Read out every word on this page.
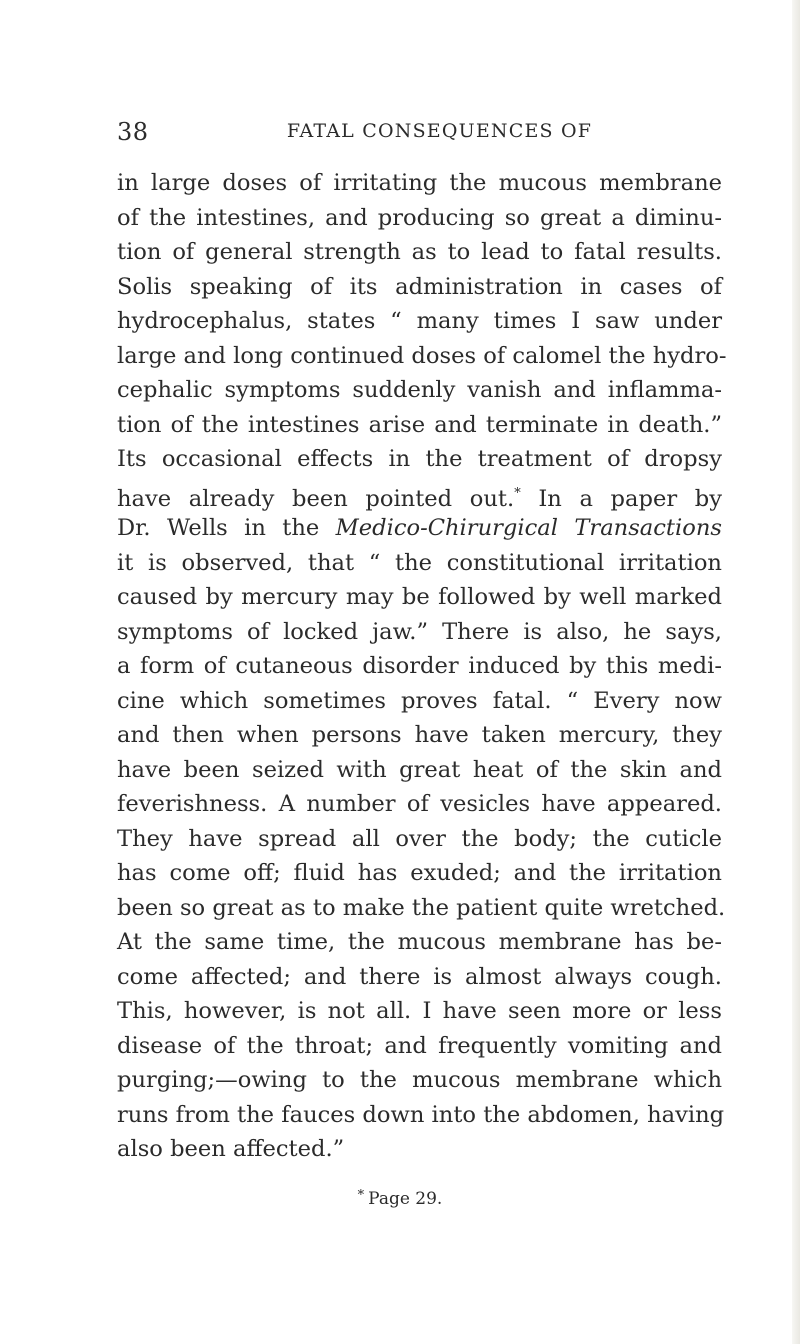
38	FATAL CONSEQUENCES OF
in large doses of irritating the mucous membrane
of the intestines, and producing so great a diminu-
tion of general strength as to lead to fatal results.
Solis speaking of its administration in cases of
hydrocephalus, states “ many times I saw under
large and long continued doses of calomel the hydro-
cephalic symptoms suddenly vanish and inflamma-
tion of the intestines arise and terminate in death.”
Its occasional effects in the treatment of dropsy
have already been pointed out.* In a paper by
Dr. Wells in the Medico-Chirurgical Transactions
it is observed, that “ the constitutional irritation
caused by mercury may be followed by well marked
symptoms of locked jaw.” There is also, he says,
a form of cutaneous disorder induced by this medi-
cine which sometimes proves fatal. “ Every now
and then when persons have taken mercury, they
have been seized with great heat of the skin and
feverishness. A number of vesicles have appeared.
They have spread all over the body; the cuticle
has come off; fluid has exuded; and the irritation
been so great as to make the patient quite wretched.
At the same time, the mucous membrane has be-
come affected; and there is almost always cough.
This, however, is not all. I have seen more or less
disease of the throat; and frequently vomiting and
purging;—owing to the mucous membrane which
runs from the fauces down into the abdomen, having
also been affected.”
* Page 29.
